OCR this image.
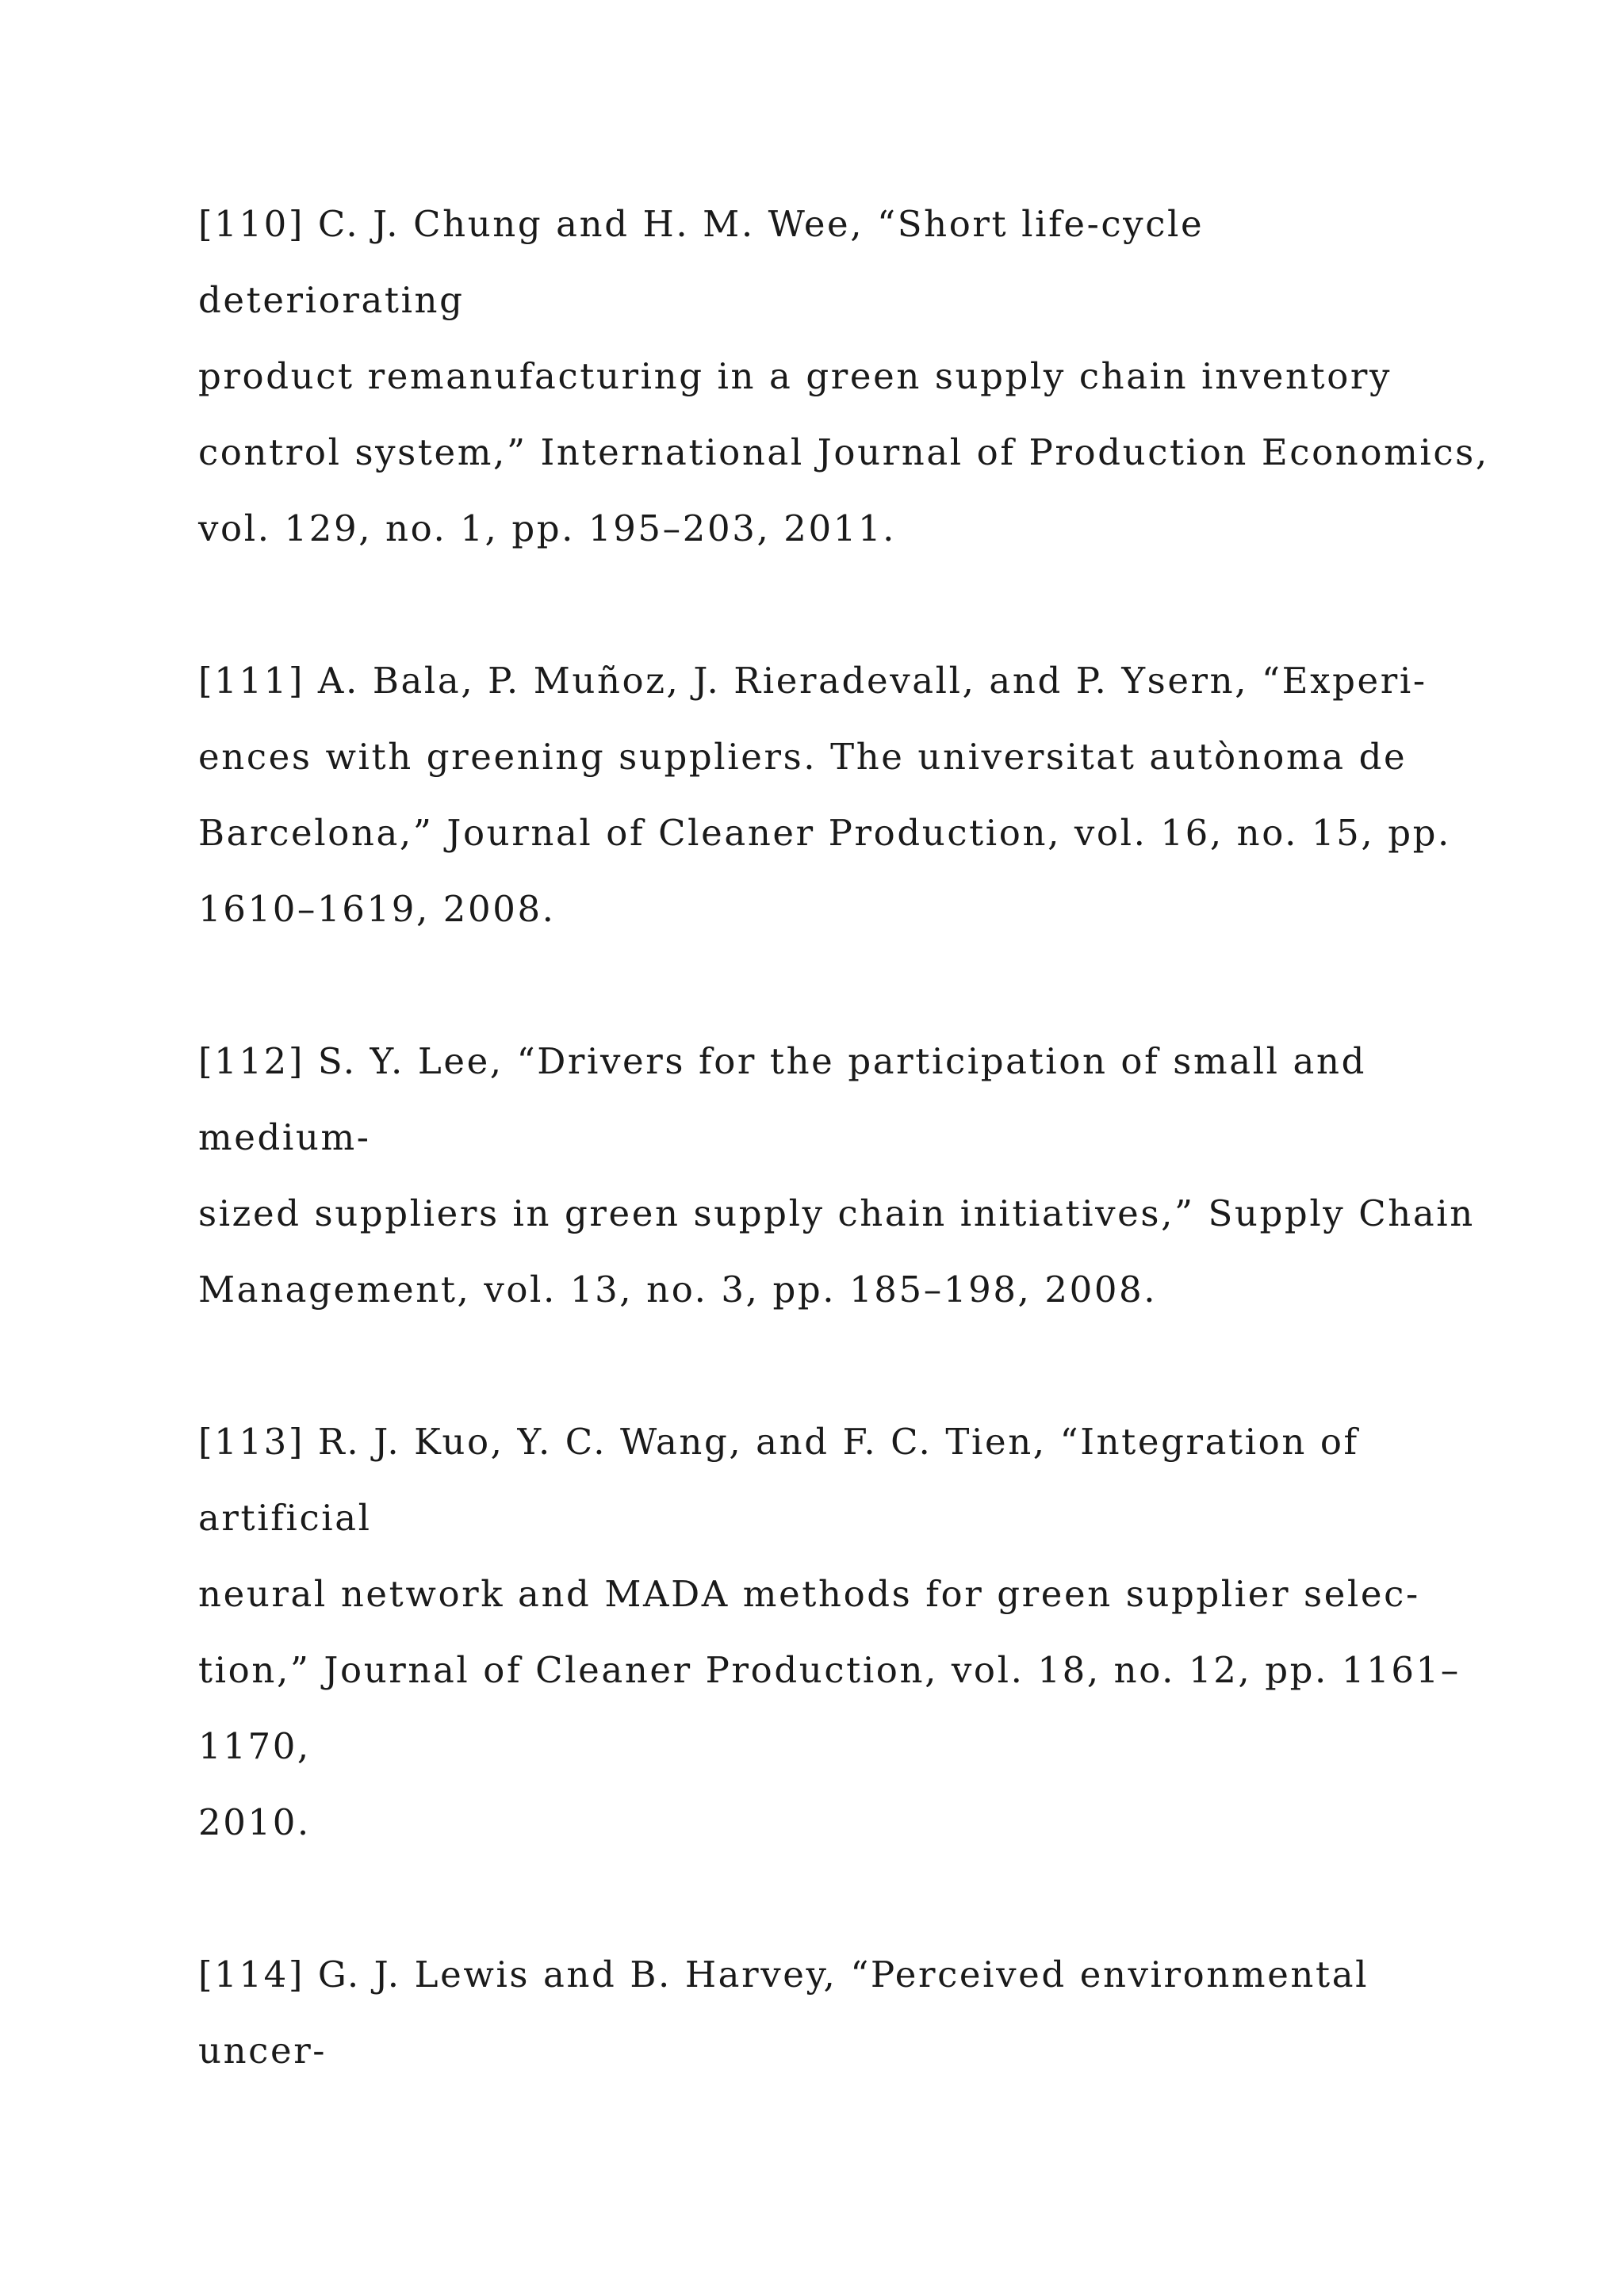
[110] C. J. Chung and H. M. Wee, “Short life-cycle
deteriorating
product remanufacturing in a green supply chain inventory
control system,” International Journal of Production Economics,
vol. 129, no. 1, pp. 195–203, 2011.
[111] A. Bala, P. Muñoz, J. Rieradevall, and P. Ysern, “Experi-
ences with greening suppliers. The universitat autònoma de
Barcelona,” Journal of Cleaner Production, vol. 16, no. 15, pp.
1610–1619, 2008.
[112] S. Y. Lee, “Drivers for the participation of small and
medium-
sized suppliers in green supply chain initiatives,” Supply Chain
Management, vol. 13, no. 3, pp. 185–198, 2008.
[113] R. J. Kuo, Y. C. Wang, and F. C. Tien, “Integration of
artificial
neural network and MADA methods for green supplier selec-
tion,” Journal of Cleaner Production, vol. 18, no. 12, pp. 1161–
1170,
2010.
[114] G. J. Lewis and B. Harvey, “Perceived environmental
uncer-
